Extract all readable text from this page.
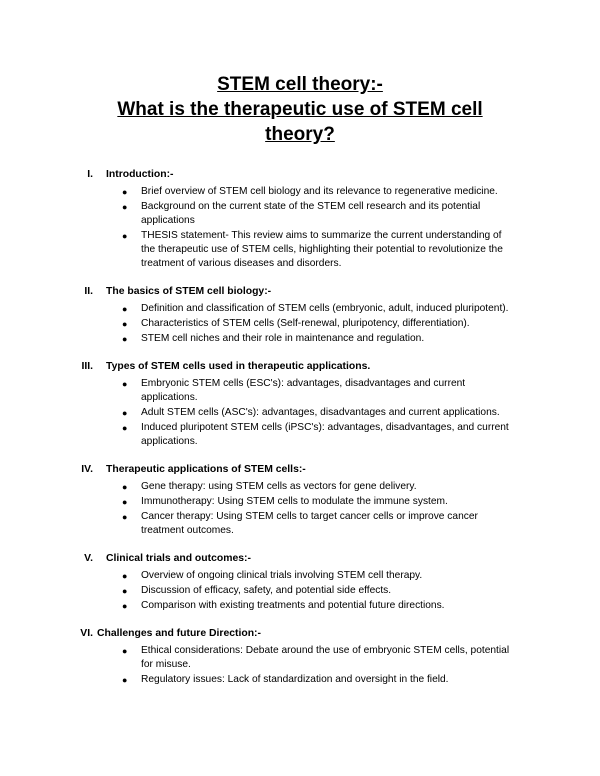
STEM cell theory:-

What is the therapeutic use of STEM cell

theory?

I. Introduction:-
● Brief overview of STEM cell biology and its relevance to regenerative medicine.
● Background on the current state of the STEM cell research and its potential applications
● THESIS statement- This review aims to summarize the current understanding of the therapeutic use of STEM cells, highlighting their potential to revolutionize the treatment of various diseases and disorders.
II. The basics of STEM cell biology:-
● Definition and classification of STEM cells (embryonic, adult, induced pluripotent).
● Characteristics of STEM cells (Self-renewal, pluripotency, differentiation).
● STEM cell niches and their role in maintenance and regulation.
III. Types of STEM cells used in therapeutic applications.
● Embryonic STEM cells (ESC's): advantages, disadvantages and current applications.
● Adult STEM cells (ASC's): advantages, disadvantages and current applications.
● Induced pluripotent STEM cells (iPSC's): advantages, disadvantages, and current applications.
IV. Therapeutic applications of STEM cells:-
● Gene therapy: using STEM cells as vectors for gene delivery.
● Immunotherapy: Using STEM cells to modulate the immune system.
● Cancer therapy: Using STEM cells to target cancer cells or improve cancer treatment outcomes.
V. Clinical trials and outcomes:-
● Overview of ongoing clinical trials involving STEM cell therapy.
● Discussion of efficacy, safety, and potential side effects.
● Comparison with existing treatments and potential future directions.
VI. Challenges and future Direction:-
● Ethical considerations: Debate around the use of embryonic STEM cells, potential for misuse.
● Regulatory issues: Lack of standardization and oversight in the field.
